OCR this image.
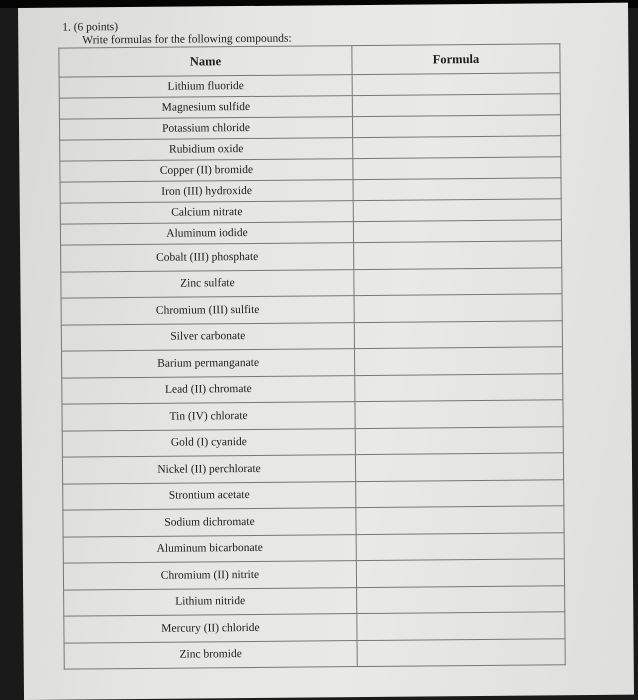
1. (6 points)
Write formulas for the following compounds:
Name	Formula
Lithium fluoride	
Magnesium sulfide	
Potassium chloride	
Rubidium oxide	
Copper (II) bromide	
Iron (III) hydroxide	
Calcium nitrate	
Aluminum iodide	
Cobalt (III) phosphate	
Zinc sulfate	
Chromium (III) sulfite	
Silver carbonate	
Barium permanganate	
Lead (II) chromate	
Tin (IV) chlorate	
Gold (I) cyanide	
Nickel (II) perchlorate	
Strontium acetate	
Sodium dichromate	
Aluminum bicarbonate	
Chromium (II) nitrite	
Lithium nitride	
Mercury (II) chloride	
Zinc bromide	
